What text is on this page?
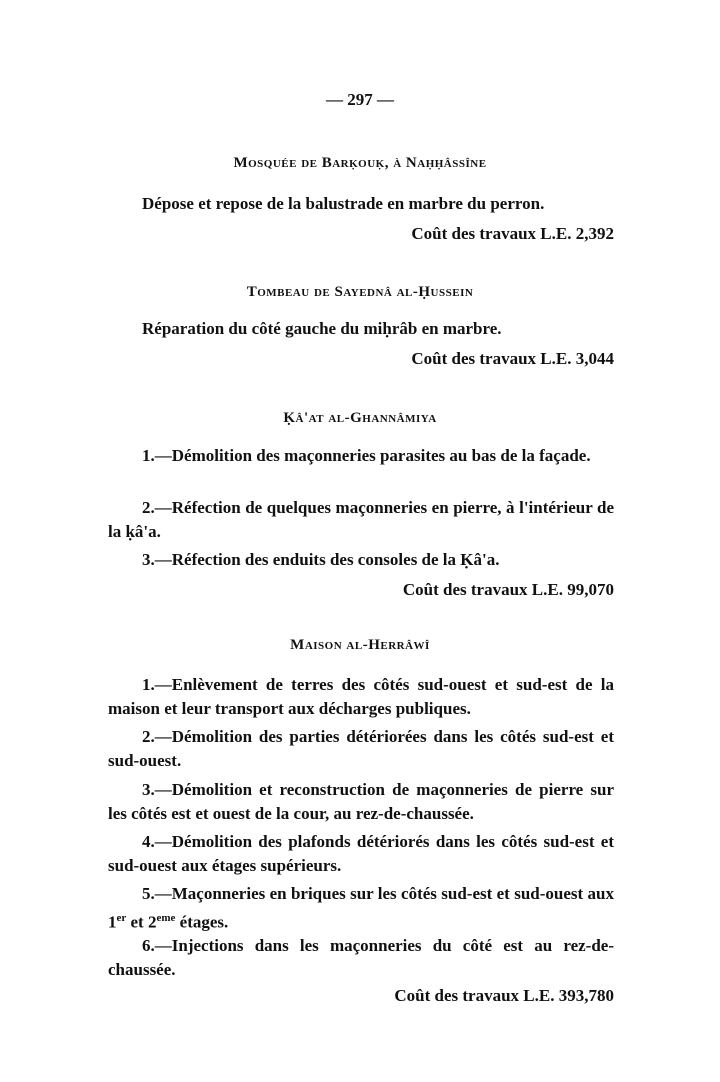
— 297 —
Mosquée de Barḳouḳ, à Naḥḥâssîne
Dépose et repose de la balustrade en marbre du perron.
Coût des travaux L.E. 2,392
Tombeau de Sayednâ al-Ḥussein
Réparation du côté gauche du miḥrâb en marbre.
Coût des travaux L.E. 3,044
Ḳâ'at al-Ghannâmiya
1.—Démolition des maçonneries parasites au bas de la façade.
2.—Réfection de quelques maçonneries en pierre, à l'intérieur de la ḳâ'a.
3.—Réfection des enduits des consoles de la Ḳâ'a.
Coût des travaux L.E. 99,070
Maison al-Herrâwî
1.—Enlèvement de terres des côtés sud-ouest et sud-est de la maison et leur transport aux décharges publiques.
2.—Démolition des parties détériorées dans les côtés sud-est et sud-ouest.
3.—Démolition et reconstruction de maçonneries de pierre sur les côtés est et ouest de la cour, au rez-de-chaussée.
4.—Démolition des plafonds détériorés dans les côtés sud-est et sud-ouest aux étages supérieurs.
5.—Maçonneries en briques sur les côtés sud-est et sud-ouest aux 1er et 2eme étages.
6.—Injections dans les maçonneries du côté est au rez-de-chaussée.
Coût des travaux L.E. 393,780
